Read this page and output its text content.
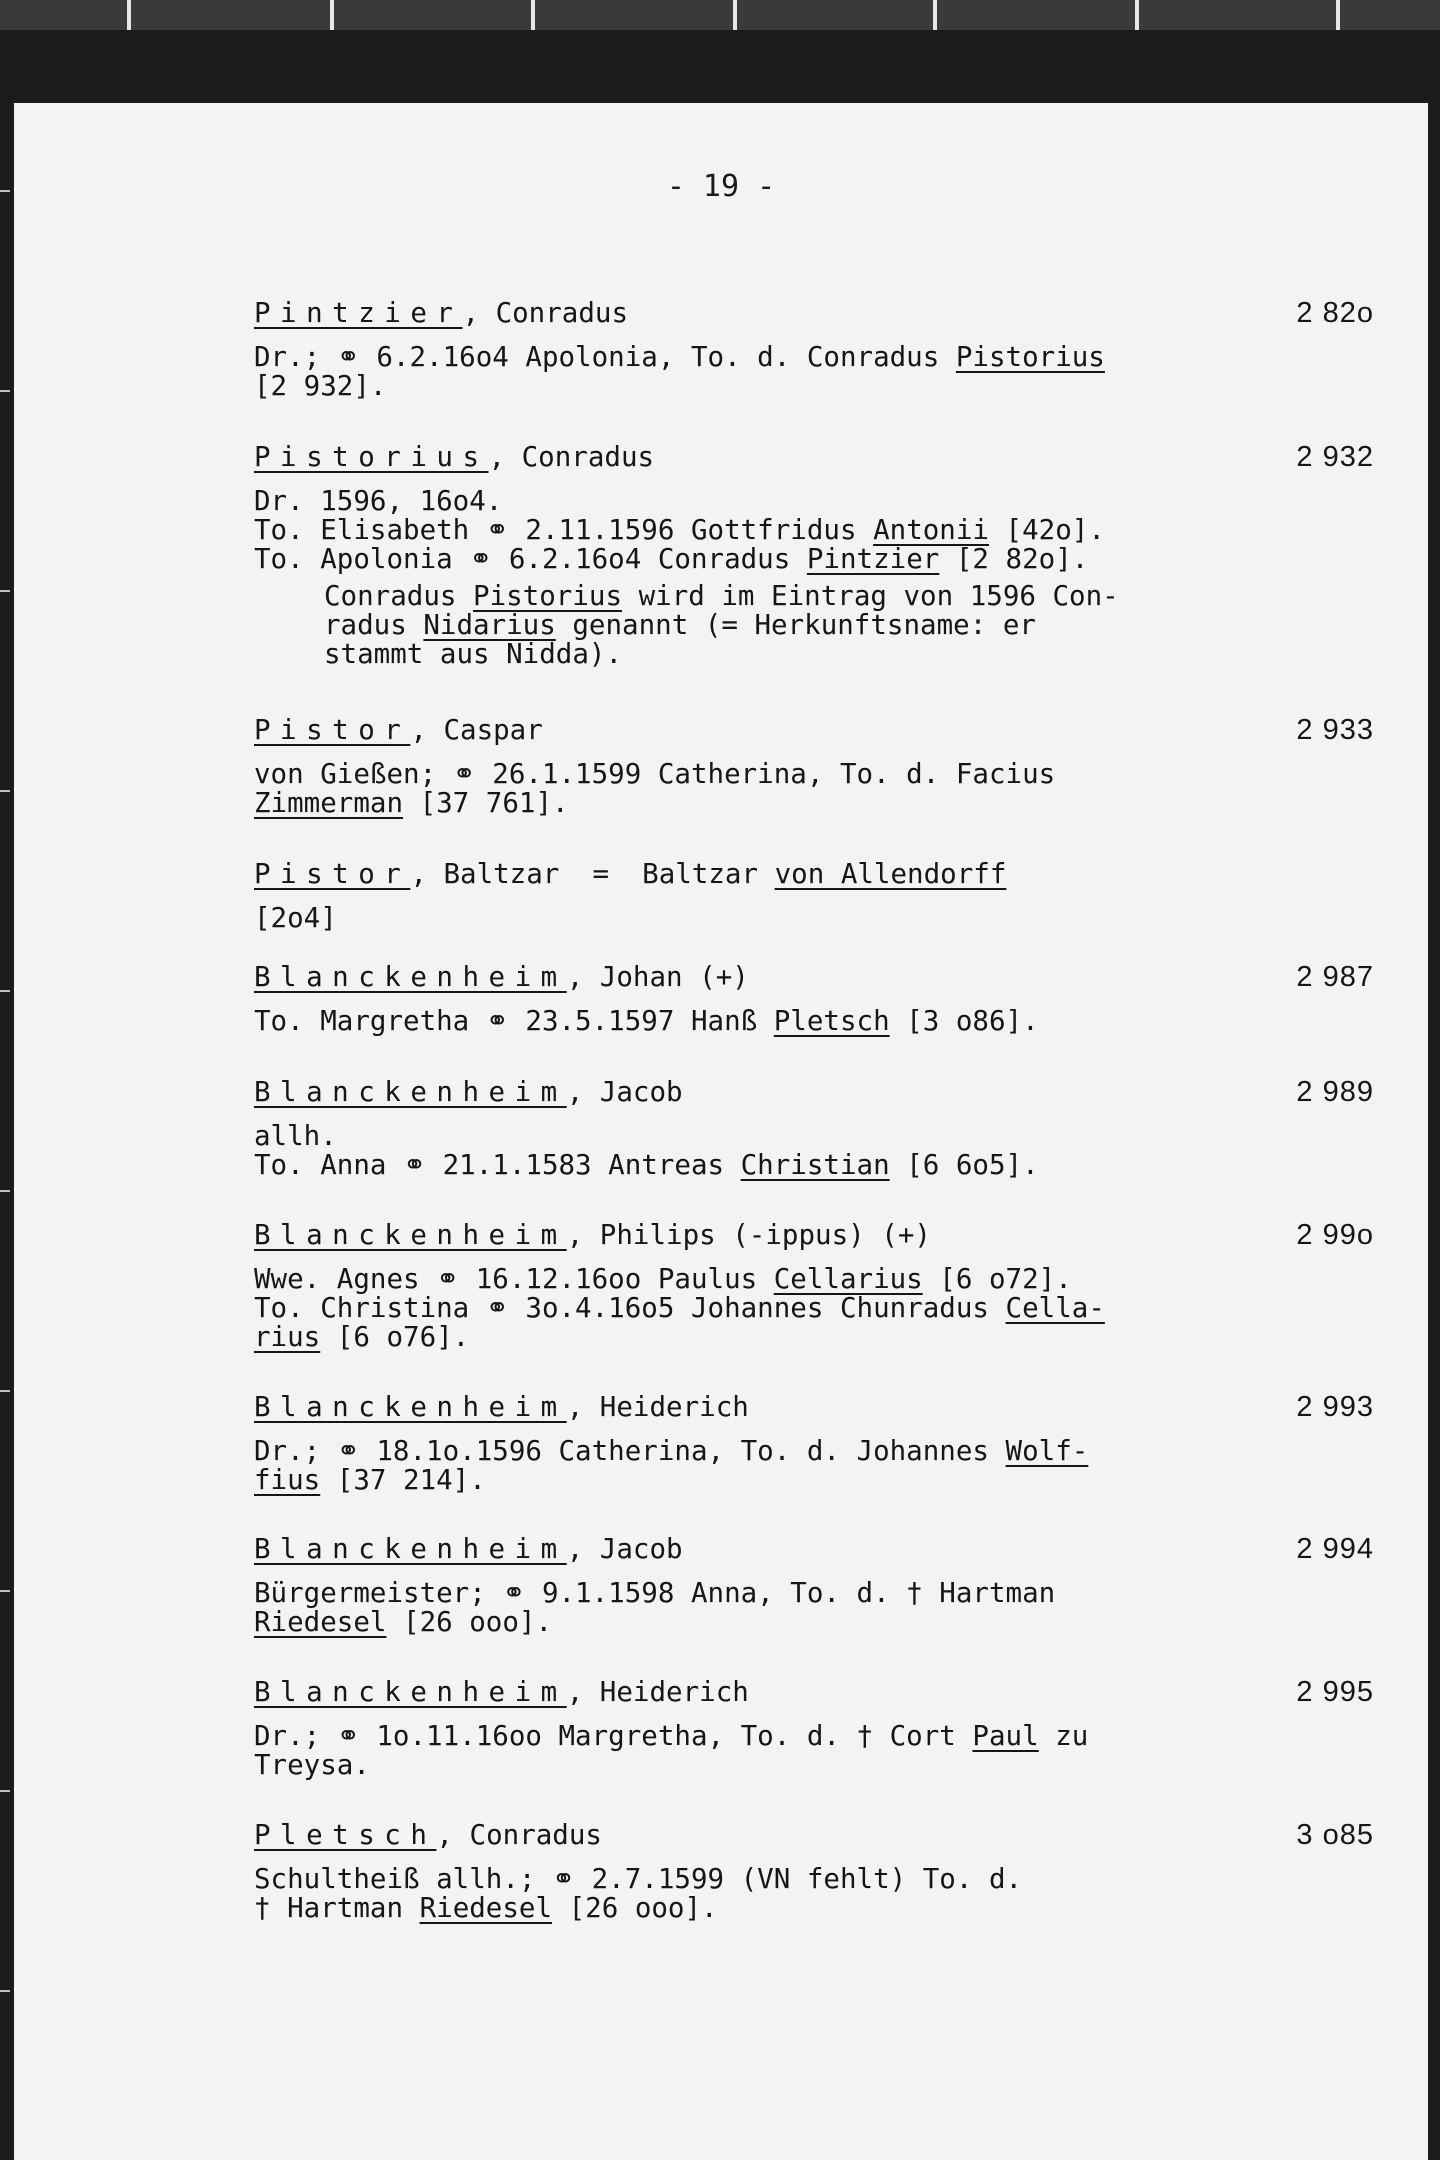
- 19 -
Pintzier, Conradus	2 82o
Dr.; ⚭ 6.2.16o4 Apolonia, To. d. Conradus Pistorius
[2 932].
Pistorius, Conradus	2 932
Dr. 1596, 16o4.
To. Elisabeth ⚭ 2.11.1596 Gottfridus Antonii [42o].
To. Apolonia ⚭ 6.2.16o4 Conradus Pintzier [2 82o].
Conradus Pistorius wird im Eintrag von 1596 Con-
radus Nidarius genannt (= Herkunftsname: er
stammt aus Nidda).
Pistor, Caspar	2 933
von Gießen; ⚭ 26.1.1599 Catherina, To. d. Facius
Zimmerman [37 761].
Pistor, Baltzar  =  Baltzar von Allendorff
[2o4]
Blanckenheim, Johan (+)	2 987
To. Margretha ⚭ 23.5.1597 Hanß Pletsch [3 o86].
Blanckenheim, Jacob	2 989
allh.
To. Anna ⚭ 21.1.1583 Antreas Christian [6 6o5].
Blanckenheim, Philips (-ippus) (+)	2 99o
Wwe. Agnes ⚭ 16.12.16oo Paulus Cellarius [6 o72].
To. Christina ⚭ 3o.4.16o5 Johannes Chunradus Cella-
rius [6 o76].
Blanckenheim, Heiderich	2 993
Dr.; ⚭ 18.1o.1596 Catherina, To. d. Johannes Wolf-
fius [37 214].
Blanckenheim, Jacob	2 994
Bürgermeister; ⚭ 9.1.1598 Anna, To. d. † Hartman
Riedesel [26 ooo].
Blanckenheim, Heiderich	2 995
Dr.; ⚭ 1o.11.16oo Margretha, To. d. † Cort Paul zu
Treysa.
Pletsch, Conradus	3 o85
Schultheiß allh.; ⚭ 2.7.1599 (VN fehlt) To. d.
† Hartman Riedesel [26 ooo].
